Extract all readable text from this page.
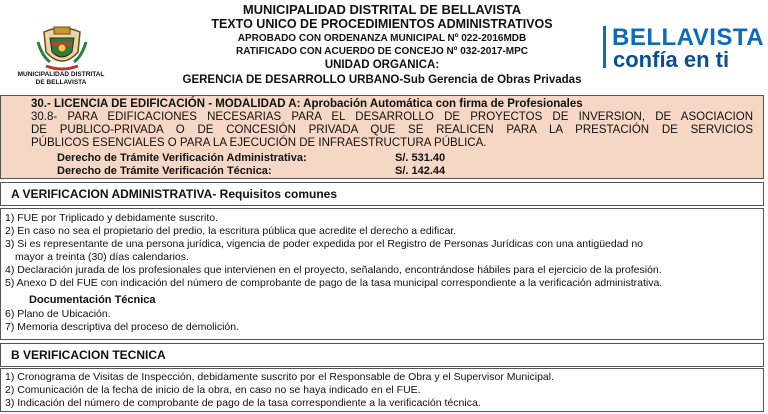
MUNICIPALIDAD DISTRITAL
DE BELLAVISTA
MUNICIPALIDAD DISTRITAL DE BELLAVISTA
TEXTO UNICO DE PROCEDIMIENTOS ADMINISTRATIVOS
APROBADO CON ORDENANZA MUNICIPAL Nº 022-2016MDB
RATIFICADO CON ACUERDO DE CONCEJO Nº 032-2017-MPC
UNIDAD ORGANICA:
GERENCIA DE DESARROLLO URBANO-Sub Gerencia de Obras Privadas
BELLAVISTA
confía en ti
30.- LICENCIA DE EDIFICACIÓN - MODALIDAD A: Aprobación Automática con firma de Profesionales
30.8- PARA EDIFICACIONES NECESARIAS PARA EL DESARROLLO DE PROYECTOS DE INVERSION, DE ASOCIACION
DE PUBLICO-PRIVADA O DE CONCESIÓN PRIVADA QUE SE REALICEN PARA LA PRESTACIÓN DE SERVICIOS
PÚBLICOS ESENCIALES O PARA LA EJECUCIÓN DE INFRAESTRUCTURA PÚBLICA.
Derecho de Trámite Verificación Administrativa:	S/. 531.40
Derecho de Trámite Verificación Técnica:	S/. 142.44
A VERIFICACION ADMINISTRATIVA- Requisitos comunes
1) FUE por Triplicado y debidamente suscrito.
2) En caso no sea el propietario del predio, la escritura pública que acredite el derecho a edificar.
3) Si es representante de una persona jurídica, vigencia de poder expedida por el Registro de Personas Jurídicas con una antigüedad no
mayor a treinta (30) días calendarios.
4) Declaración jurada de los profesionales que intervienen en el proyecto, señalando, encontrándose hábiles para el ejercicio de la profesión.
5) Anexo D del FUE con indicación del número de comprobante de pago de la tasa municipal correspondiente a la verificación administrativa.
Documentación Técnica
6) Plano de Ubicación.
7) Memoria descriptiva del proceso de demolición.
B VERIFICACION TECNICA
1) Cronograma de Visitas de Inspección, debidamente suscrito por el Responsable de Obra y el Supervisor Municipal.
2) Comunicación de la fecha de inicio de la obra, en caso no se haya indicado en el FUE.
3) Indicación del número de comprobante de pago de la tasa correspondiente a la verificación técnica.
